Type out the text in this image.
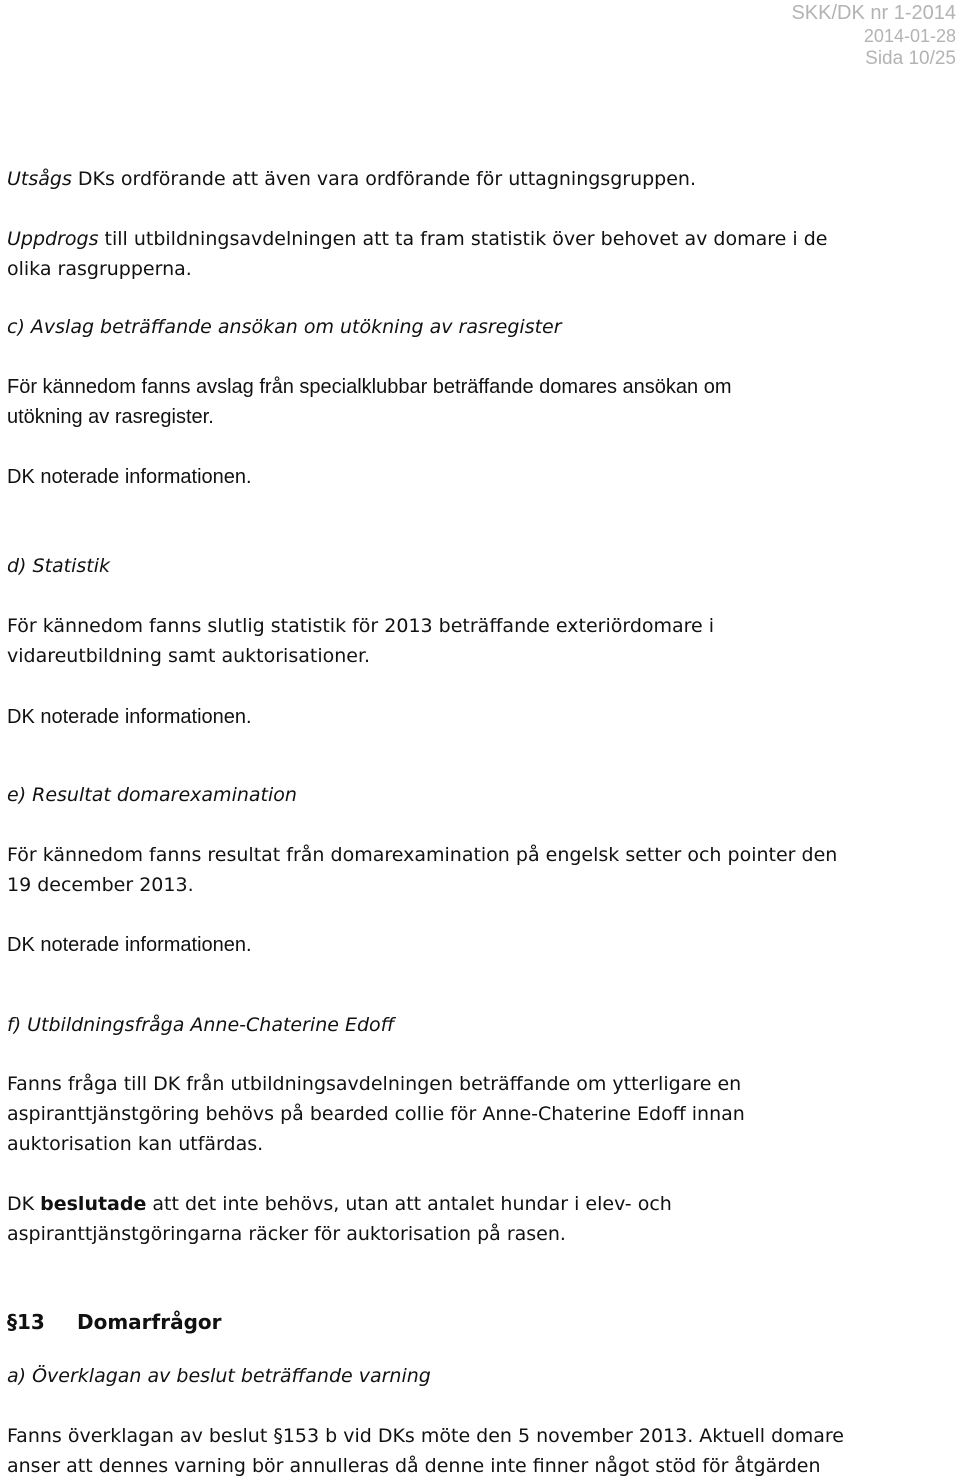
SKK/DK nr 1-2014
2014-01-28
Sida 10/25
Utsågs DKs ordförande att även vara ordförande för uttagningsgruppen.
Uppdrogs till utbildningsavdelningen att ta fram statistik över behovet av domare i de
olika rasgrupperna.
c) Avslag beträffande ansökan om utökning av rasregister
För kännedom fanns avslag från specialklubbar beträffande domares ansökan om
utökning av rasregister.
DK noterade informationen.
d) Statistik
För kännedom fanns slutlig statistik för 2013 beträffande exteriördomare i
vidareutbildning samt auktorisationer.
DK noterade informationen.
e) Resultat domarexamination
För kännedom fanns resultat från domarexamination på engelsk setter och pointer den
19 december 2013.
DK noterade informationen.
f) Utbildningsfråga Anne-Chaterine Edoff
Fanns fråga till DK från utbildningsavdelningen beträffande om ytterligare en
aspiranttjänstgöring behövs på bearded collie för Anne-Chaterine Edoff innan
auktorisation kan utfärdas.
DK beslutade att det inte behövs, utan att antalet hundar i elev- och
aspiranttjänstgöringarna räcker för auktorisation på rasen.
§13 Domarfrågor
a) Överklagan av beslut beträffande varning
Fanns överklagan av beslut §153 b vid DKs möte den 5 november 2013. Aktuell domare
anser att dennes varning bör annulleras då denne inte finner något stöd för åtgärden
